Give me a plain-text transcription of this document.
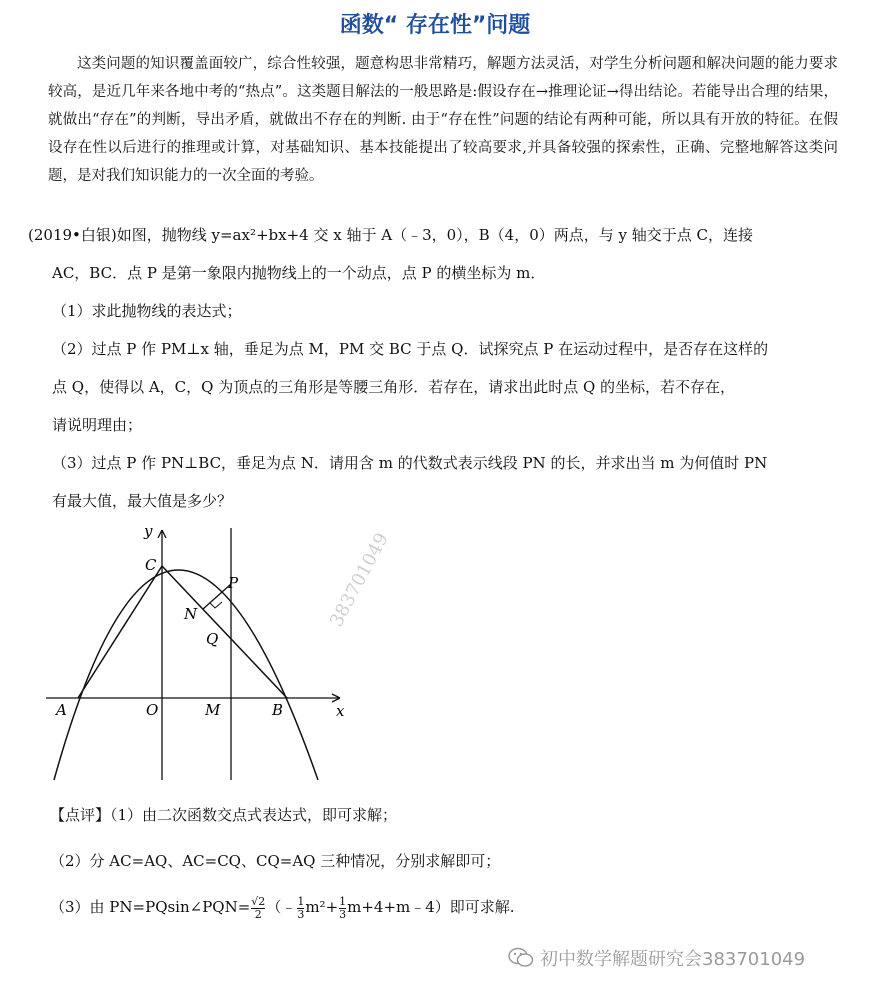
函数“ 存在性”问题

这类问题的知识覆盖面较广，综合性较强，题意构思非常精巧，解题方法灵活，对学生分析问题和解决问题的能力要求较高，是近几年来各地中考的“热点”。这类题目解法的一般思路是:假设存在→推理论证→得出结论。若能导出合理的结果，就做出“存在”的判断，导出矛盾，就做出不存在的判断. 由于“存在性”问题的结论有两种可能，所以具有开放的特征。在假设存在性以后进行的推理或计算，对基础知识、基本技能提出了较高要求,并具备较强的探索性，正确、完整地解答这类问题，是对我们知识能力的一次全面的考验。

(2019•白银)如图，抛物线 y=ax²+bx+4 交 x 轴于 A（﹣3，0），B（4，0）两点，与 y 轴交于点 C，连接

AC，BC．点 P 是第一象限内抛物线上的一个动点，点 P 的横坐标为 m．

（1）求此抛物线的表达式；

（2）过点 P 作 PM⊥x 轴，垂足为点 M，PM 交 BC 于点 Q．试探究点 P 在运动过程中，是否存在这样的

点 Q，使得以 A，C，Q 为顶点的三角形是等腰三角形．若存在，请求出此时点 Q 的坐标，若不存在，

请说明理由；

（3）过点 P 作 PN⊥BC，垂足为点 N．请用含 m 的代数式表示线段 PN 的长，并求出当 m 为何值时 PN

有最大值，最大值是多少？

383701049
y
x
C
P
N
Q
A	O	M	B
【点评】（1）由二次函数交点式表达式，即可求解；
（2）分 AC=AQ、AC=CQ、CQ=AQ 三种情况，分别求解即可；
（3）由 PN=PQsin∠PQN= $\frac{√2}{2}$ （﹣ $\frac{1}{3} m^2+ \frac{1}{3}$ m+4+m﹣4）即可求解.
初中数学解题研究会383701049
